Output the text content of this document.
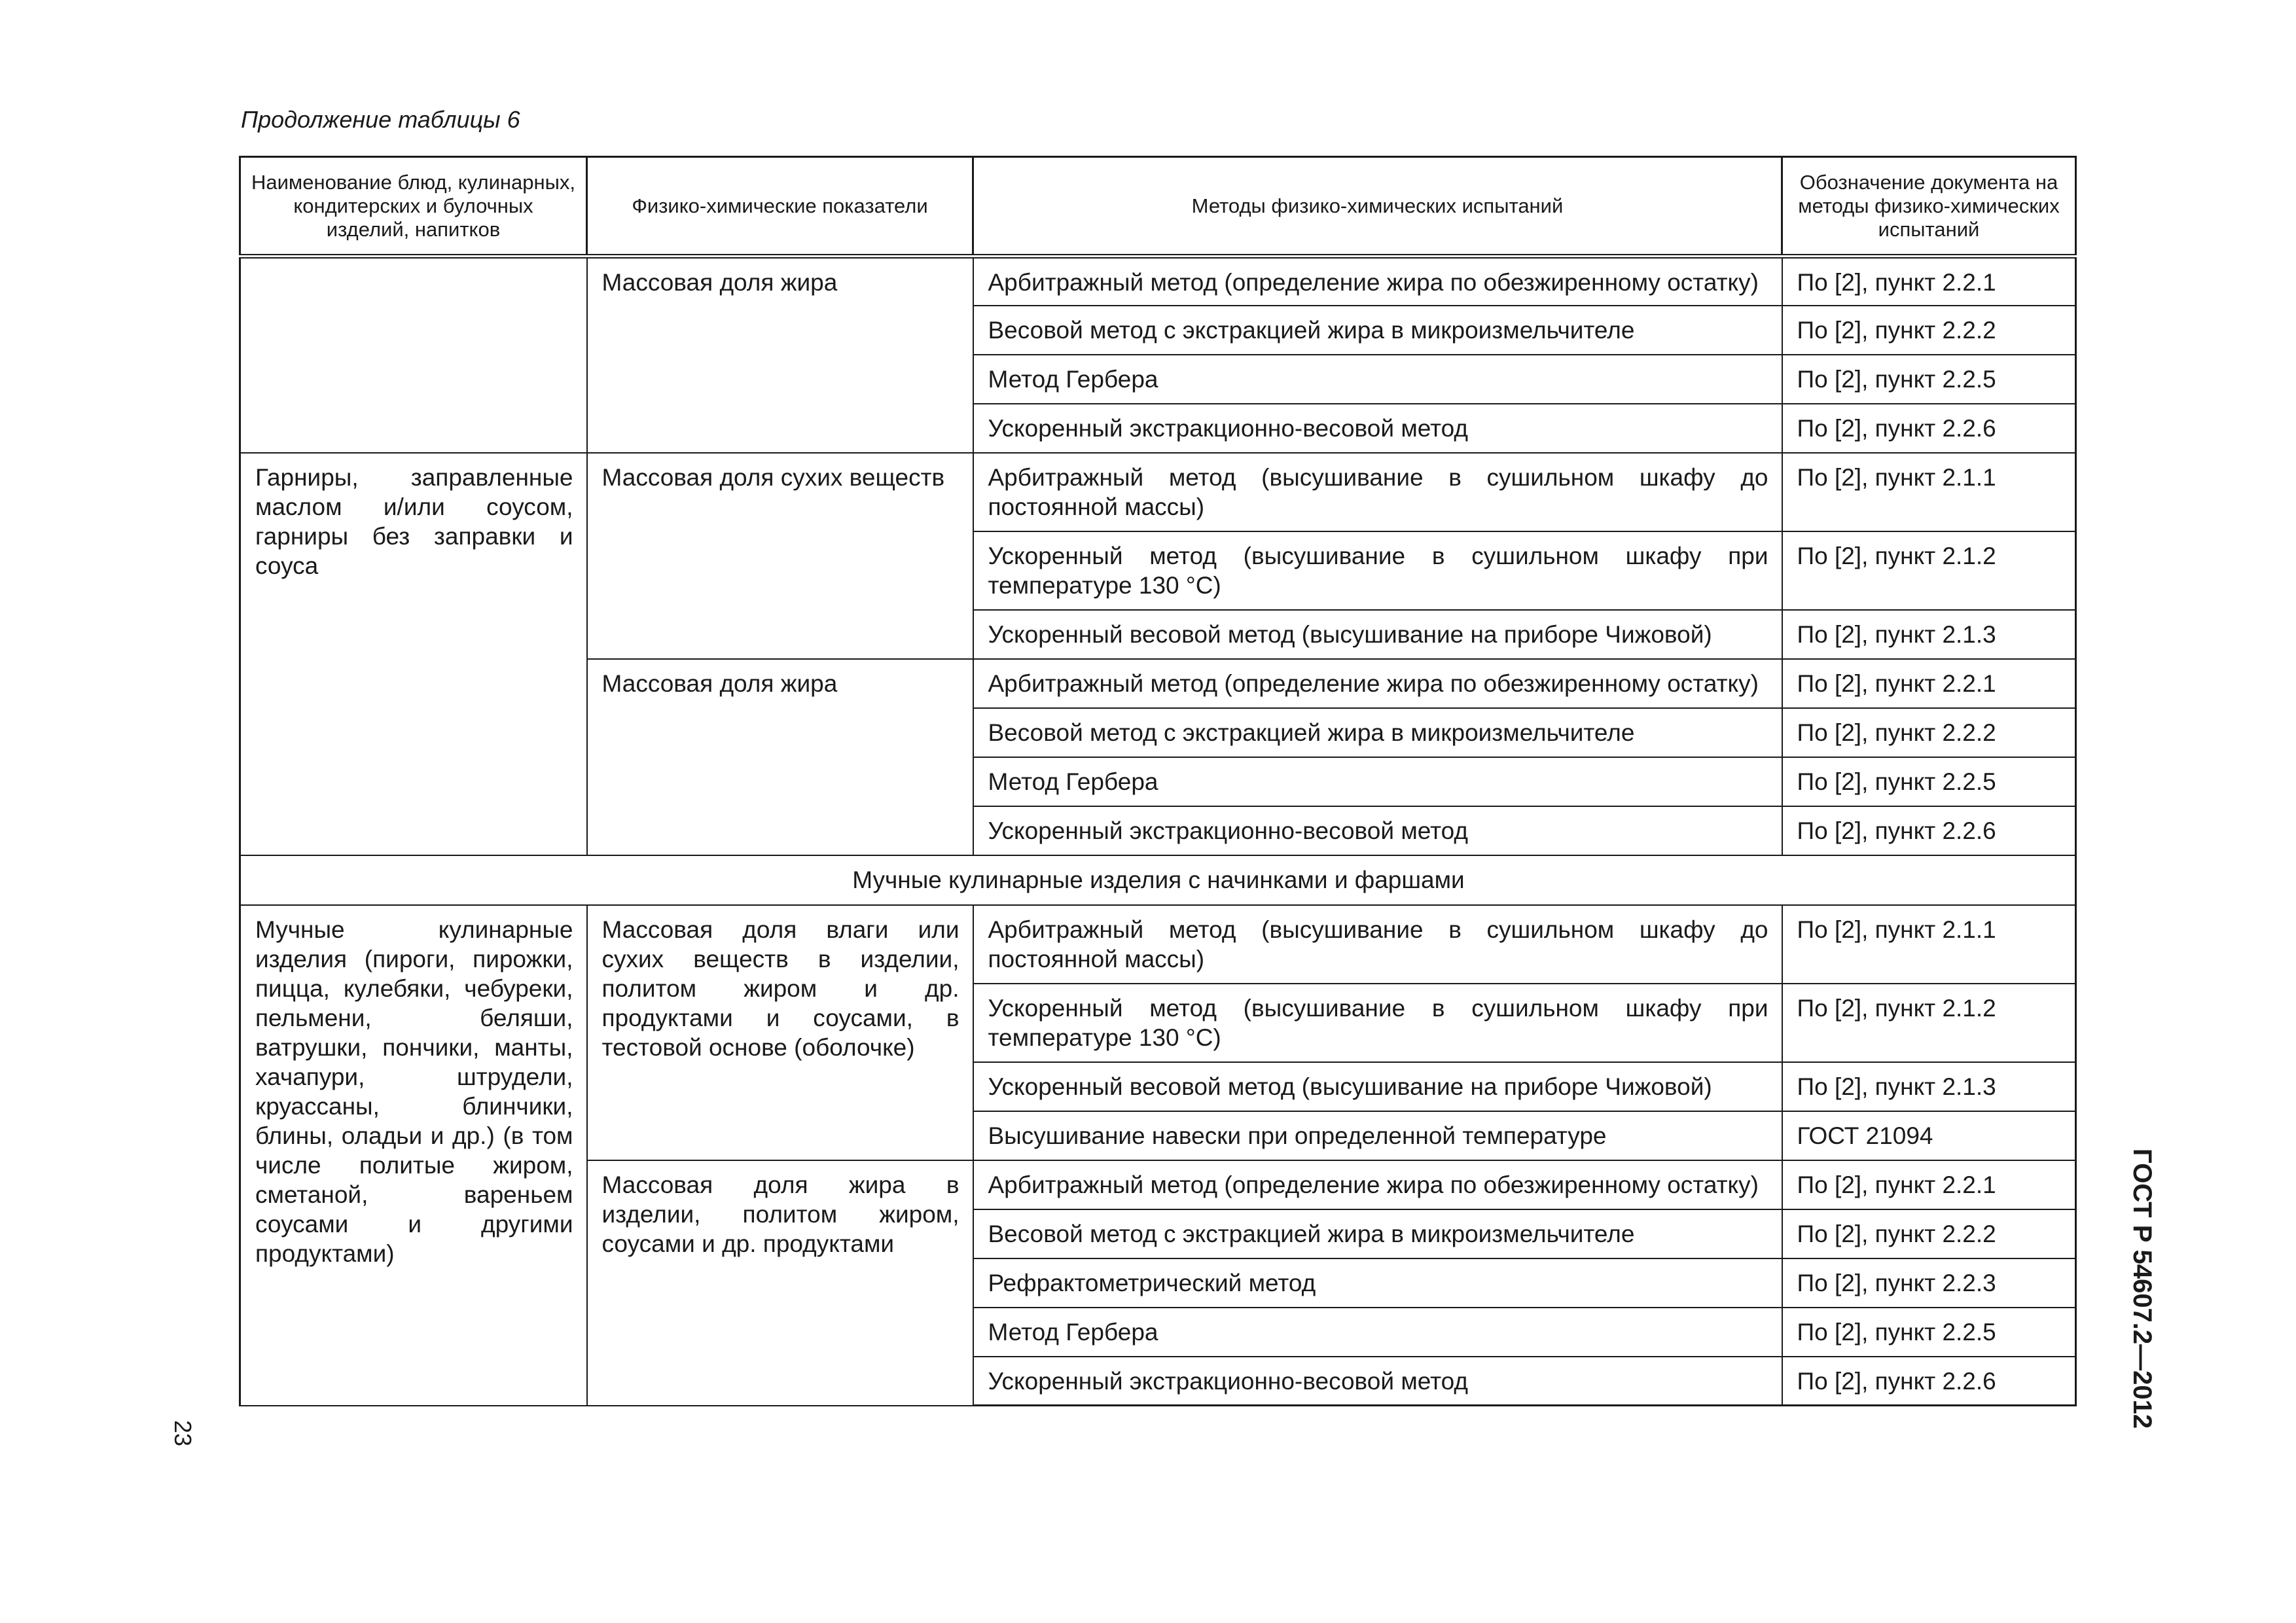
Продолжение таблицы 6
Наименование блюд, кулинарных, кондитерских и булочных изделий, напитков	Физико-химические показатели	Методы физико-химических испытаний	Обозначение документа на методы физико-химических испытаний
	Массовая доля жира	Арбитражный метод (определение жира по обезжиренному остатку)	По [2], пункт 2.2.1
		Весовой метод с экстракцией жира в микроизмельчителе	По [2], пункт 2.2.2
		Метод Гербера	По [2], пункт 2.2.5
		Ускоренный экстракционно-весовой метод	По [2], пункт 2.2.6
Гарниры, заправленные маслом и/или соусом, гарниры без заправки и соуса	Массовая доля сухих веществ	Арбитражный метод (высушивание в сушильном шкафу до постоянной массы)	По [2], пункт 2.1.1
		Ускоренный метод (высушивание в сушильном шкафу при температуре 130 °C)	По [2], пункт 2.1.2
		Ускоренный весовой метод (высушивание на приборе Чижовой)	По [2], пункт 2.1.3
	Массовая доля жира	Арбитражный метод (определение жира по обезжиренному остатку)	По [2], пункт 2.2.1
		Весовой метод с экстракцией жира в микроизмельчителе	По [2], пункт 2.2.2
		Метод Гербера	По [2], пункт 2.2.5
		Ускоренный экстракционно-весовой метод	По [2], пункт 2.2.6
Мучные кулинарные изделия с начинками и фаршами			
Мучные кулинарные изделия (пироги, пирожки, пицца, кулебяки, чебуреки, пельмени, беляши, ватрушки, пончики, манты, хачапури, штрудели, круассаны, блинчики, блины, оладьи и др.) (в том числе политые жиром, сметаной, вареньем соусами и другими продуктами)	Массовая доля влаги или сухих веществ в изделии, политом жиром и др. продуктами и соусами, в тестовой основе (оболочке)	Арбитражный метод (высушивание в сушильном шкафу до постоянной массы)	По [2], пункт 2.1.1
		Ускоренный метод (высушивание в сушильном шкафу при температуре 130 °C)	По [2], пункт 2.1.2
		Ускоренный весовой метод (высушивание на приборе Чижовой)	По [2], пункт 2.1.3
		Высушивание навески при определенной температуре	ГОСТ 21094
	Массовая доля жира в изделии, политом жиром, соусами и др. продуктами	Арбитражный метод (определение жира по обезжиренному остатку)	По [2], пункт 2.2.1
		Весовой метод с экстракцией жира в микроизмельчителе	По [2], пункт 2.2.2
		Рефрактометрический метод	По [2], пункт 2.2.3
		Метод Гербера	По [2], пункт 2.2.5
		Ускоренный экстракционно-весовой метод	По [2], пункт 2.2.6
23
ГОСТ Р 54607.2—2012
